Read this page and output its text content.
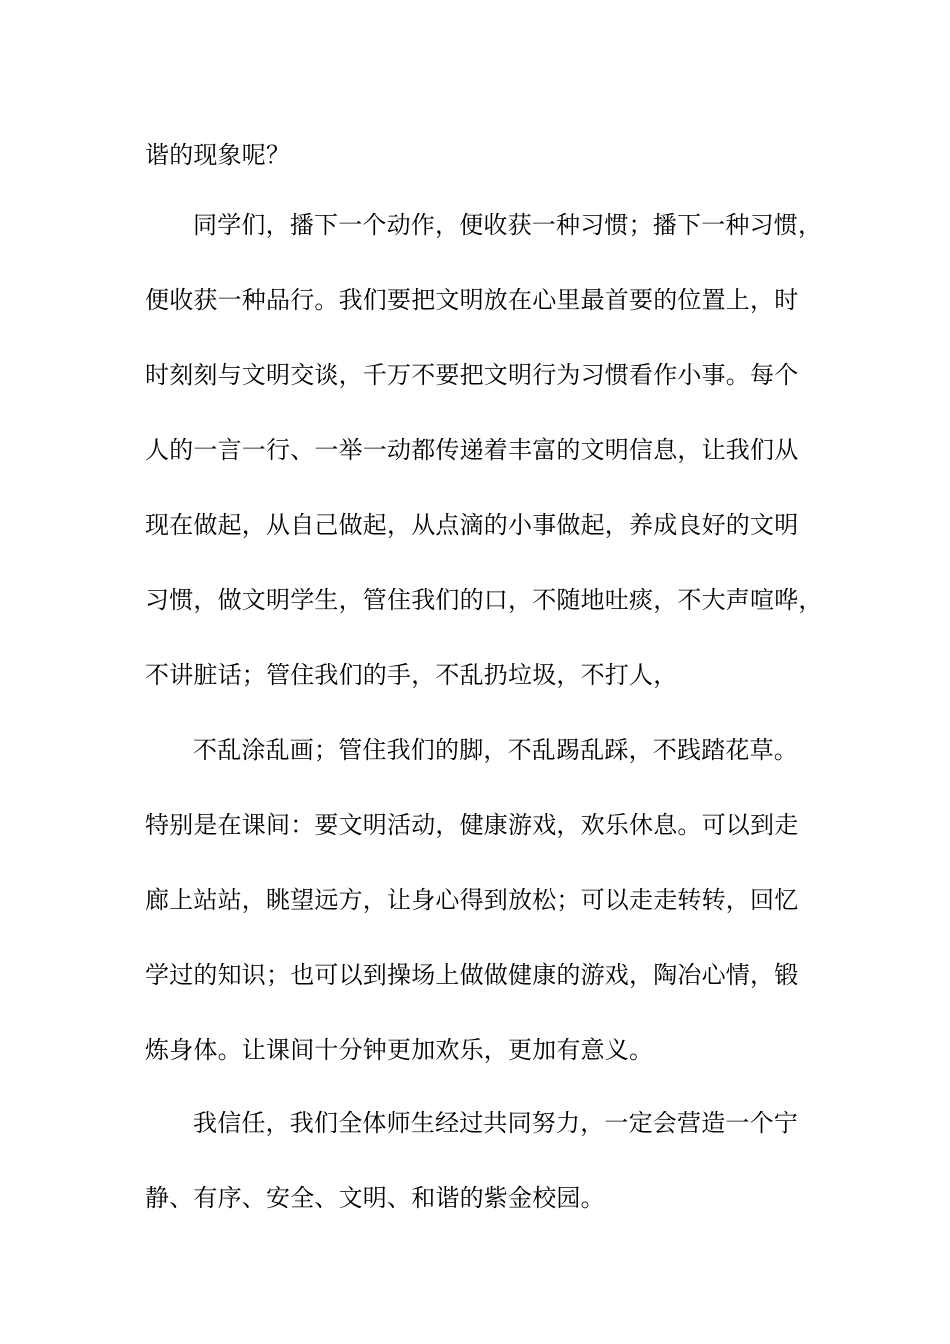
谐的现象呢？
同学们，播下一个动作，便收获一种习惯；播下一种习惯，
便收获一种品行。我们要把文明放在心里最首要的位置上，时
时刻刻与文明交谈，千万不要把文明行为习惯看作小事。每个
人的一言一行、一举一动都传递着丰富的文明信息，让我们从
现在做起，从自己做起，从点滴的小事做起，养成良好的文明
习惯，做文明学生，管住我们的口，不随地吐痰，不大声喧哗，
不讲脏话；管住我们的手，不乱扔垃圾，不打人，
不乱涂乱画；管住我们的脚，不乱踢乱踩，不践踏花草。
特别是在课间：要文明活动，健康游戏，欢乐休息。可以到走
廊上站站，眺望远方，让身心得到放松；可以走走转转，回忆
学过的知识；也可以到操场上做做健康的游戏，陶冶心情，锻
炼身体。让课间十分钟更加欢乐，更加有意义。
我信任，我们全体师生经过共同努力，一定会营造一个宁
静、有序、安全、文明、和谐的紫金校园。
